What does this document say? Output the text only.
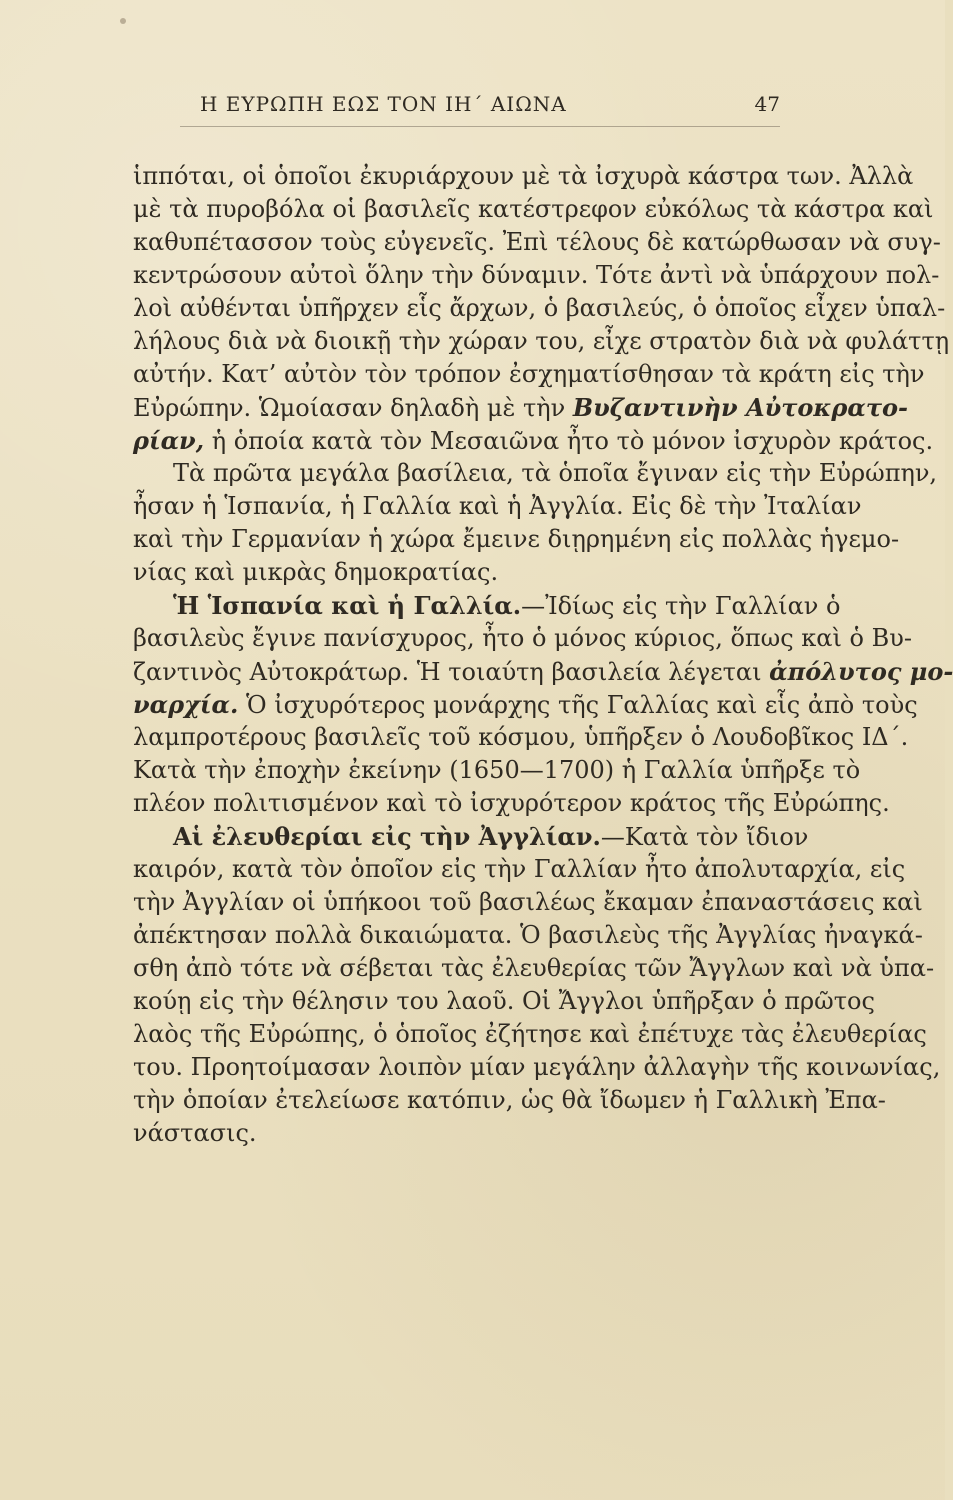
Η ΕΥΡΩΠΗ ΕΩΣ ΤΟΝ ΙΗ΄ ΑΙΩΝΑ	47
ἱππόται, οἱ ὁποῖοι ἐκυριάρχουν μὲ τὰ ἰσχυρὰ κάστρα των. Ἀλλὰ
μὲ τὰ πυροβόλα οἱ βασιλεῖς κατέστρεφον εὐκόλως τὰ κάστρα καὶ
καθυπέτασσον τοὺς εὐγενεῖς. Ἐπὶ τέλους δὲ κατώρθωσαν νὰ συγ-
κεντρώσουν αὐτοὶ ὅλην τὴν δύναμιν. Τότε ἀντὶ νὰ ὑπάρχουν πολ-
λοὶ αὐθένται ὑπῆρχεν εἷς ἄρχων, ὁ βασιλεύς, ὁ ὁποῖος εἶχεν ὑπαλ-
λήλους διὰ νὰ διοικῇ τὴν χώραν του, εἶχε στρατὸν διὰ νὰ φυλάττῃ
αὐτήν. Κατ’ αὐτὸν τὸν τρόπον ἐσχηματίσθησαν τὰ κράτη εἰς τὴν
Εὐρώπην. Ὡμοίασαν δηλαδὴ μὲ τὴν Βυζαντινὴν Αὐτοκρατο-
ρίαν, ἡ ὁποία κατὰ τὸν Μεσαιῶνα ἦτο τὸ μόνον ἰσχυρὸν κράτος.
Τὰ πρῶτα μεγάλα βασίλεια, τὰ ὁποῖα ἔγιναν εἰς τὴν Εὐρώπην,
ἦσαν ἡ Ἱσπανία, ἡ Γαλλία καὶ ἡ Ἀγγλία. Εἰς δὲ τὴν Ἰταλίαν
καὶ τὴν Γερμανίαν ἡ χώρα ἔμεινε διῃρημένη εἰς πολλὰς ἡγεμο-
νίας καὶ μικρὰς δημοκρατίας.
Ἡ Ἱσπανία καὶ ἡ Γαλλία.—Ἰδίως εἰς τὴν Γαλλίαν ὁ
βασιλεὺς ἔγινε πανίσχυρος, ἦτο ὁ μόνος κύριος, ὅπως καὶ ὁ Βυ-
ζαντινὸς Αὐτοκράτωρ. Ἡ τοιαύτη βασιλεία λέγεται ἀπόλυτος μο-
ναρχία. Ὁ ἰσχυρότερος μονάρχης τῆς Γαλλίας καὶ εἷς ἀπὸ τοὺς
λαμπροτέρους βασιλεῖς τοῦ κόσμου, ὑπῆρξεν ὁ Λουδοβῖκος ΙΔ΄.
Κατὰ τὴν ἐποχὴν ἐκείνην (1650—1700) ἡ Γαλλία ὑπῆρξε τὸ
πλέον πολιτισμένον καὶ τὸ ἰσχυρότερον κράτος τῆς Εὐρώπης.
Αἱ ἐλευθερίαι εἰς τὴν Ἀγγλίαν.—Κατὰ τὸν ἴδιον
καιρόν, κατὰ τὸν ὁποῖον εἰς τὴν Γαλλίαν ἦτο ἀπολυταρχία, εἰς
τὴν Ἀγγλίαν οἱ ὑπήκοοι τοῦ βασιλέως ἔκαμαν ἐπαναστάσεις καὶ
ἀπέκτησαν πολλὰ δικαιώματα. Ὁ βασιλεὺς τῆς Ἀγγλίας ἠναγκά-
σθη ἀπὸ τότε νὰ σέβεται τὰς ἐλευθερίας τῶν Ἄγγλων καὶ νὰ ὑπα-
κούῃ εἰς τὴν θέλησιν του λαοῦ. Οἱ Ἄγγλοι ὑπῆρξαν ὁ πρῶτος
λαὸς τῆς Εὐρώπης, ὁ ὁποῖος ἐζήτησε καὶ ἐπέτυχε τὰς ἐλευθερίας
του. Προητοίμασαν λοιπὸν μίαν μεγάλην ἀλλαγὴν τῆς κοινωνίας,
τὴν ὁποίαν ἐτελείωσε κατόπιν, ὡς θὰ ἴδωμεν ἡ Γαλλικὴ Ἐπα-
νάστασις.
